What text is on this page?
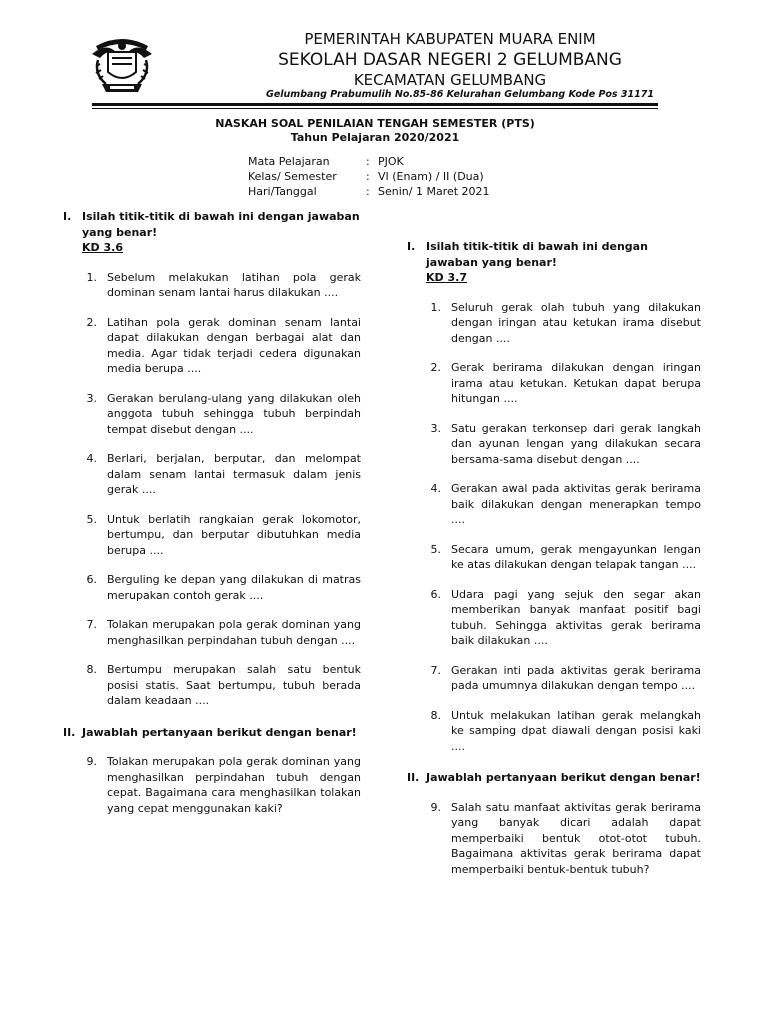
PEMERINTAH KABUPATEN MUARA ENIM
SEKOLAH DASAR NEGERI 2 GELUMBANG
KECAMATAN GELUMBANG
Gelumbang Prabumulih No.85-86 Kelurahan Gelumbang Kode Pos 31171
NASKAH SOAL PENILAIAN TENGAH SEMESTER (PTS)
Tahun Pelajaran 2020/2021
Mata Pelajaran	: PJOK
Kelas/ Semester	: VI (Enam) / II (Dua)
Hari/Tanggal	: Senin/ 1 Maret 2021
I. Isilah titik-titik di bawah ini dengan jawaban yang benar!
KD 3.6
1. Sebelum melakukan latihan pola gerak dominan senam lantai harus dilakukan ....
2. Latihan pola gerak dominan senam lantai dapat dilakukan dengan berbagai alat dan media. Agar tidak terjadi cedera digunakan media berupa ....
3. Gerakan berulang-ulang yang dilakukan oleh anggota tubuh sehingga tubuh berpindah tempat disebut dengan ....
4. Berlari, berjalan, berputar, dan melompat dalam senam lantai termasuk dalam jenis gerak ....
5. Untuk berlatih rangkaian gerak lokomotor, bertumpu, dan berputar dibutuhkan media berupa ....
6. Berguling ke depan yang dilakukan di matras merupakan contoh gerak ....
7. Tolakan merupakan pola gerak dominan yang menghasilkan perpindahan tubuh dengan ....
8. Bertumpu merupakan salah satu bentuk posisi statis. Saat bertumpu, tubuh berada dalam keadaan ....
II. Jawablah pertanyaan berikut dengan benar!
9. Tolakan merupakan pola gerak dominan yang menghasilkan perpindahan tubuh dengan cepat. Bagaimana cara menghasilkan tolakan yang cepat menggunakan kaki?
I. Isilah titik-titik di bawah ini dengan jawaban yang benar!
KD 3.7
1. Seluruh gerak olah tubuh yang dilakukan dengan iringan atau ketukan irama disebut dengan ....
2. Gerak berirama dilakukan dengan iringan irama atau ketukan. Ketukan dapat berupa hitungan ....
3. Satu gerakan terkonsep dari gerak langkah dan ayunan lengan yang dilakukan secara bersama-sama disebut dengan ....
4. Gerakan awal pada aktivitas gerak berirama baik dilakukan dengan menerapkan tempo ....
5. Secara umum, gerak mengayunkan lengan ke atas dilakukan dengan telapak tangan ....
6. Udara pagi yang sejuk den segar akan memberikan banyak manfaat positif bagi tubuh. Sehingga aktivitas gerak berirama baik dilakukan ....
7. Gerakan inti pada aktivitas gerak berirama pada umumnya dilakukan dengan tempo ....
8. Untuk melakukan latihan gerak melangkah ke samping dpat diawali dengan posisi kaki ....
II. Jawablah pertanyaan berikut dengan benar!
9. Salah satu manfaat aktivitas gerak berirama yang banyak dicari adalah dapat memperbaiki bentuk otot-otot tubuh. Bagaimana aktivitas gerak berirama dapat memperbaiki bentuk-bentuk tubuh?
